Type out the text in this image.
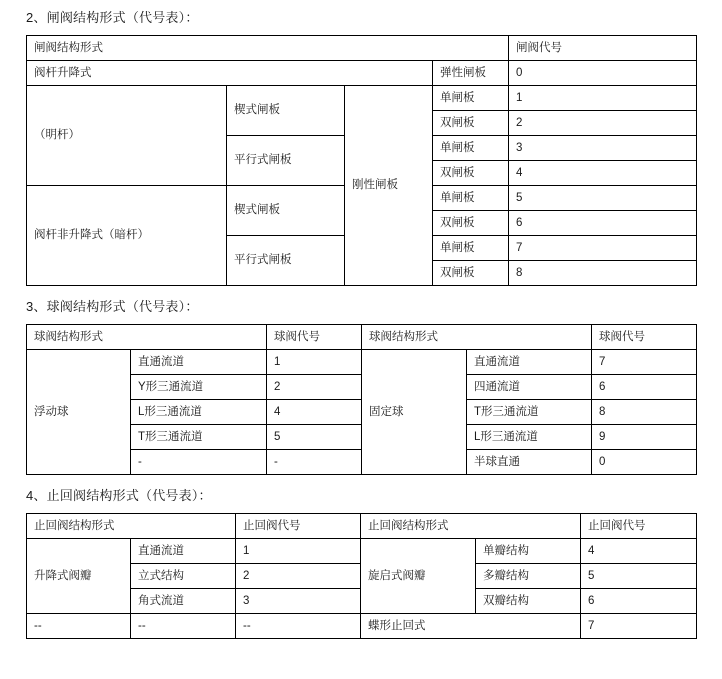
2、闸阀结构形式（代号表）：
闸阀结构形式				闸阀代号
阀杆升降式			弹性闸板	0
（明杆）	楔式闸板	刚性闸板	单闸板	1
			双闸板	2
	平行式闸板		单闸板	3
			双闸板	4
阀杆非升降式（暗杆）	楔式闸板		单闸板	5
			双闸板	6
	平行式闸板		单闸板	7
			双闸板	8
3、球阀结构形式（代号表）：
球阀结构形式		球阀代号	球阀结构形式		球阀代号
浮动球	直通流道	1	固定球	直通流道	7
	Y形三通流道	2		四通流道	6
	L形三通流道	4		T形三通流道	8
	T形三通流道	5		L形三通流道	9
	-	-		半球直通	0
4、止回阀结构形式（代号表）：
止回阀结构形式		止回阀代号	止回阀结构形式		止回阀代号
升降式阀瓣	直通流道	1	旋启式阀瓣	单瓣结构	4
	立式结构	2		多瓣结构	5
	角式流道	3		双瓣结构	6
--	--	--	蝶形止回式		7
